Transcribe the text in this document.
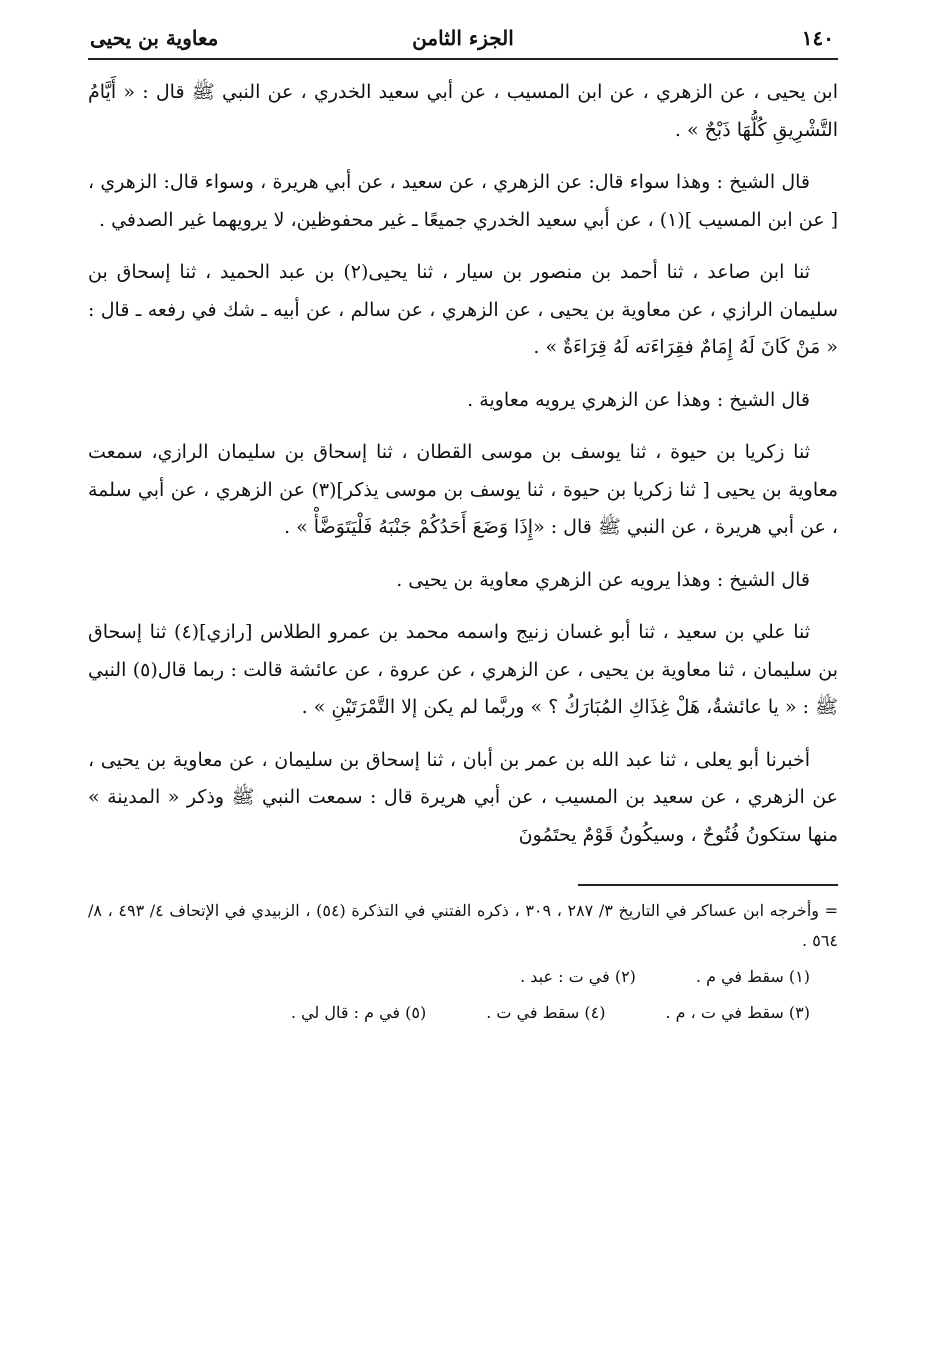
١٤٠
الجزء الثامن
معاوية بن يحيى

ابن يحيى ، عن الزهري ، عن ابن المسيب ، عن أبي سعيد الخدري ، عن النبي ﷺ قال : « أَيَّامُ التَّشْرِيقِ كُلُّهَا ذَبْحٌ » .

قال الشيخ : وهذا سواء قال: عن الزهري ، عن سعيد ، عن أبي هريرة ، وسواء قال: الزهري ، [ عن ابن المسيب ](١) ، عن أبي سعيد الخدري جميعًا ـ غير محفوظين، لا يرويهما غير الصدفي .

ثنا ابن صاعد ، ثنا أحمد بن منصور بن سيار ، ثنا يحيى(٢) بن عبد الحميد ، ثنا إسحاق بن سليمان الرازي ، عن معاوية بن يحيى ، عن الزهري ، عن سالم ، عن أبيه ـ شك في رفعه ـ قال : « مَنْ كَانَ لَهُ إِمَامٌ فقِرَاءَته لَهُ قِرَاءَةٌ » .

قال الشيخ : وهذا عن الزهري يرويه معاوية .

ثنا زكريا بن حيوة ، ثنا يوسف بن موسى القطان ، ثنا إسحاق بن سليمان الرازي، سمعت معاوية بن يحيى [ ثنا زكريا بن حيوة ، ثنا يوسف بن موسى يذكر](٣) عن الزهري ، عن أبي سلمة ، عن أبي هريرة ، عن النبي ﷺ قال : «إِذَا وَضَعَ أَحَدُكُمْ جَنْبَهُ فَلْيَتَوَضَّأْ » .

قال الشيخ : وهذا يرويه عن الزهري معاوية بن يحيى .

ثنا علي بن سعيد ، ثنا أبو غسان زنيج واسمه محمد بن عمرو الطلاس [رازي](٤) ثنا إسحاق بن سليمان ، ثنا معاوية بن يحيى ، عن الزهري ، عن عروة ، عن عائشة قالت : ربما قال(٥) النبي ﷺ : « يا عائشةُ، هَلْ غِذَاكِ المُبَارَكُ ؟ » وربَّما لم يكن إلا التَّمْرَتَيْنِ » .

أخبرنا أبو يعلى ، ثنا عبد الله بن عمر بن أبان ، ثنا إسحاق بن سليمان ، عن معاوية بن يحيى ، عن الزهري ، عن سعيد بن المسيب ، عن أبي هريرة قال : سمعت النبي ﷺ وذكر « المدينة » منها ستكونُ فُتُوحٌ ، وسيكُونُ قَوْمٌ يحتَمُونَ

= وأخرجه ابن عساكر في التاريخ ٣/ ٢٨٧ ، ٣٠٩ ، ذكره الفتني في التذكرة (٥٤) ، الزبيدي في الإتحاف ٤/ ٤٩٣ ، ٨/ ٥٦٤ .

(١) سقط في م .
(٢) في ت : عبد .
(٣) سقط في ت ، م .
(٤) سقط في ت .
(٥) في م : قال لي .
